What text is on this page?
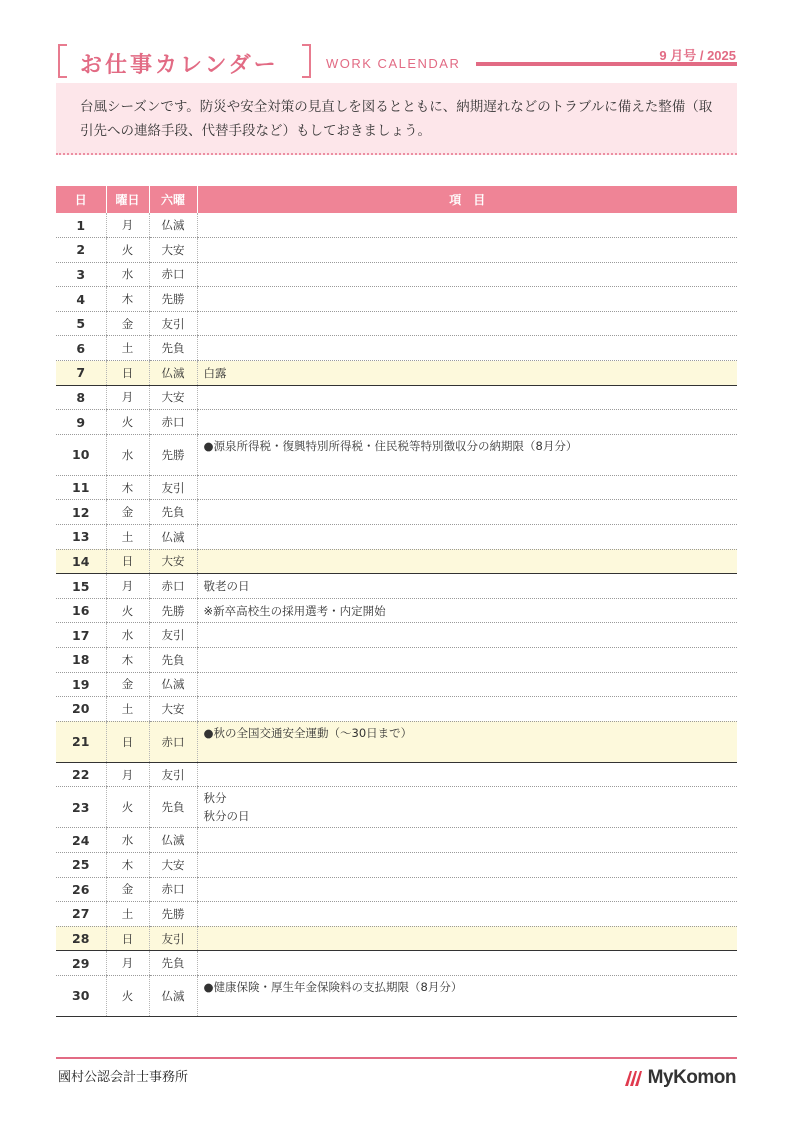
お仕事カレンダー	WORK CALENDAR
9 月号 / 2025

台風シーズンです。防災や安全対策の見直しを図るとともに、納期遅れなどのトラブルに備えた整備（取引先への連絡手段、代替手段など）もしておきましょう。

日	曜日	六曜	項　目
1	月	仏滅	

2	火	大安	

3	水	赤口	

4	木	先勝	

5	金	友引	

6	土	先負	

7	日	仏滅	白露

8	月	大安	

9	火	赤口	

10	水	先勝	●源泉所得税・復興特別所得税・住民税等特別徴収分の納期限（8月分）

11	木	友引	

12	金	先負	

13	土	仏滅	

14	日	大安	

15	月	赤口	敬老の日

16	火	先勝	※新卒高校生の採用選考・内定開始

17	水	友引	

18	木	先負	

19	金	仏滅	

20	土	大安	

21	日	赤口	●秋の全国交通安全運動（～30日まで）

22	月	友引	

23	火	先負	秋分
秋分の日

24	水	仏滅	

25	木	大安	

26	金	赤口	

27	土	先勝	

28	日	友引	

29	月	先負	

30	火	仏滅	●健康保険・厚生年金保険料の支払期限（8月分）
國村公認会計士事務所	MyKomon
